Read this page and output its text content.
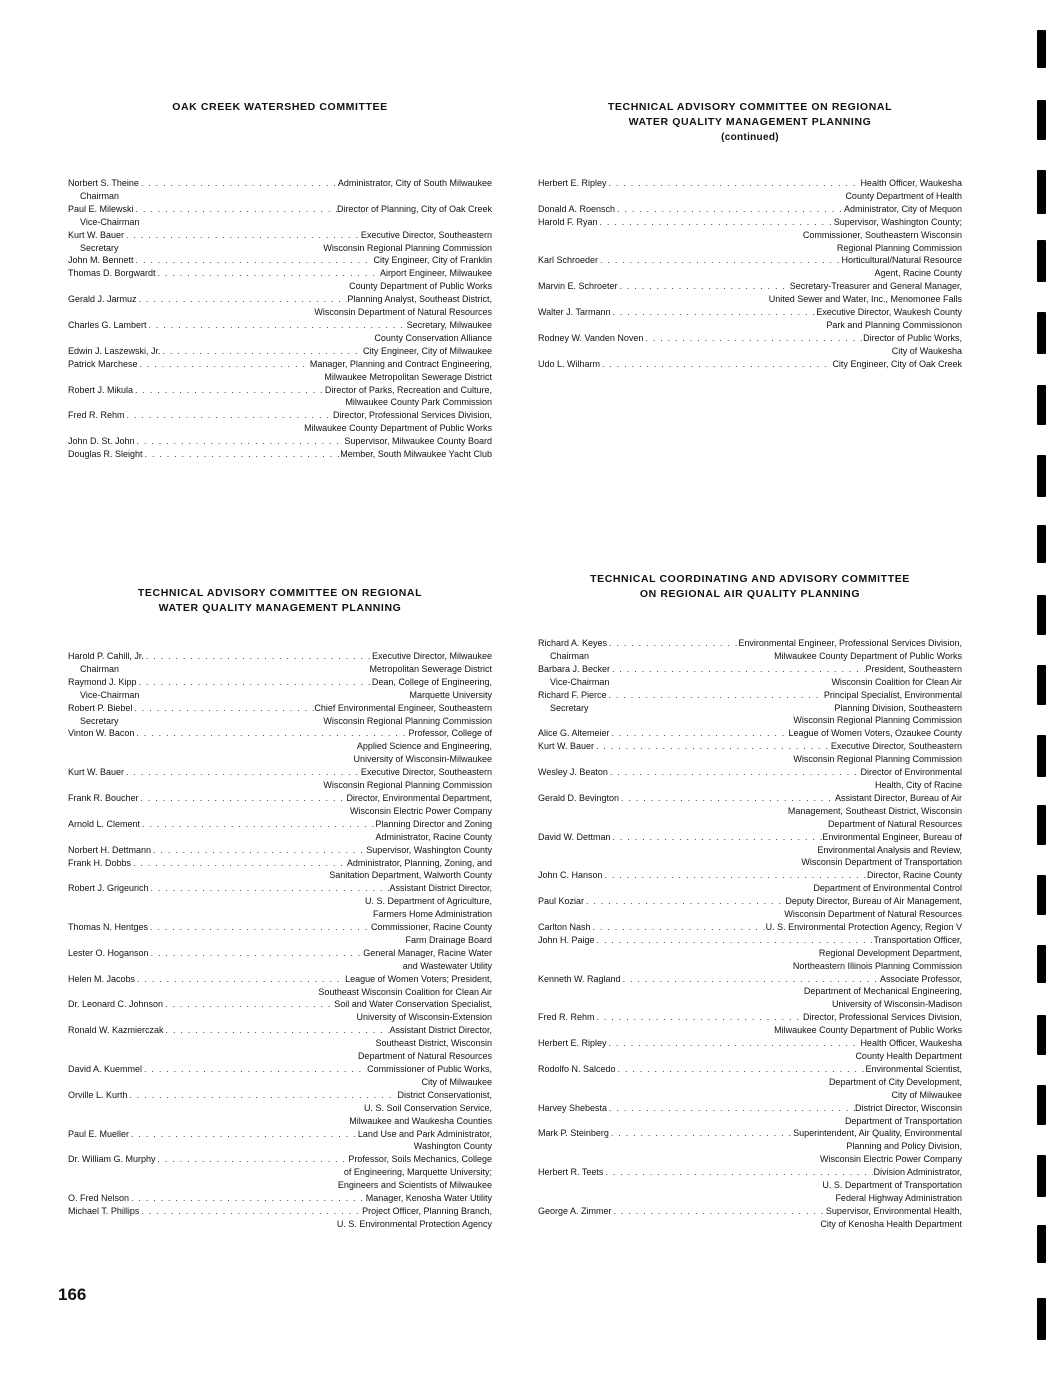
OAK CREEK WATERSHED COMMITTEE
Norbert S. Theine . . .	Administrator, City of South Milwaukee
Chairman
Paul E. Milewski . . .	Director of Planning, City of Oak Creek
Vice-Chairman
Kurt W. Bauer . . .	Executive Director, Southeastern
Secretary	Wisconsin Regional Planning Commission
John M. Bennett . . .	City Engineer, City of Franklin
Thomas D. Borgwardt . . .	Airport Engineer, Milwaukee
County Department of Public Works
Gerald J. Jarmuz . . .	Planning Analyst, Southeast District,
Wisconsin Department of Natural Resources
Charles G. Lambert . . .	Secretary, Milwaukee
County Conservation Alliance
Edwin J. Laszewski, Jr. . . .	City Engineer, City of Milwaukee
Patrick Marchese . . .	Manager, Planning and Contract Engineering,
Milwaukee Metropolitan Sewerage District
Robert J. Mikula . . .	Director of Parks, Recreation and Culture,
Milwaukee County Park Commission
Fred R. Rehm . . .	Director, Professional Services Division,
Milwaukee County Department of Public Works
John D. St. John . . .	Supervisor, Milwaukee County Board
Douglas R. Sleight . . .	Member, South Milwaukee Yacht Club
TECHNICAL ADVISORY COMMITTEE ON REGIONAL
WATER QUALITY MANAGEMENT PLANNING
(continued)
Herbert E. Ripley . . .	Health Officer, Waukesha
County Department of Health
Donald A. Roensch . . .	Administrator, City of Mequon
Harold F. Ryan . . .	Supervisor, Washington County;
Commissioner, Southeastern Wisconsin
Regional Planning Commission
Karl Schroeder . . .	Horticultural/Natural Resource
Agent, Racine County
Marvin E. Schroeter . . .	Secretary-Treasurer and General Manager,
United Sewer and Water, Inc., Menomonee Falls
Walter J. Tarmann . . .	Executive Director, Waukesh County
Park and Planning Commissionon
Rodney W. Vanden Noven . . .	Director of Public Works,
City of Waukesha
Udo L. Wilharm . . .	City Engineer, City of Oak Creek
TECHNICAL ADVISORY COMMITTEE ON REGIONAL
WATER QUALITY MANAGEMENT PLANNING
Harold P. Cahill, Jr. . . .	Executive Director, Milwaukee
Chairman	Metropolitan Sewerage District
Raymond J. Kipp . . .	Dean, College of Engineering,
Vice-Chairman	Marquette University
Robert P. Biebel . . .	Chief Environmental Engineer, Southeastern
Secretary	Wisconsin Regional Planning Commission
Vinton W. Bacon . . .	Professor, College of
Applied Science and Engineering,
University of Wisconsin-Milwaukee
Kurt W. Bauer . . .	Executive Director, Southeastern
Wisconsin Regional Planning Commission
Frank R. Boucher . . .	Director, Environmental Department,
Wisconsin Electric Power Company
Arnold L. Clement . . .	Planning Director and Zoning
Administrator, Racine County
Norbert H. Dettmann . . .	Supervisor, Washington County
Frank H. Dobbs . . .	Administrator, Planning, Zoning, and
Sanitation Department, Walworth County
Robert J. Grigeurich . . .	Assistant District Director,
U. S. Department of Agriculture,
Farmers Home Administration
Thomas N. Hentges . . .	Commissioner, Racine County
Farm Drainage Board
Lester O. Hoganson . . .	General Manager, Racine Water
and Wastewater Utility
Helen M. Jacobs . . .	League of Women Voters; President,
Southeast Wisconsin Coalition for Clean Air
Dr. Leonard C. Johnson . . .	Soil and Water Conservation Specialist,
University of Wisconsin-Extension
Ronald W. Kazmierczak . . .	Assistant District Director,
Southeast District, Wisconsin
Department of Natural Resources
David A. Kuemmel . . .	Commissioner of Public Works,
City of Milwaukee
Orville L. Kurth . . .	District Conservationist,
U. S. Soil Conservation Service,
Milwaukee and Waukesha Counties
Paul E. Mueller . . .	Land Use and Park Administrator,
Washington County
Dr. William G. Murphy . . .	Professor, Soils Mechanics, College
of Engineering, Marquette University;
Engineers and Scientists of Milwaukee
O. Fred Nelson . . .	Manager, Kenosha Water Utility
Michael T. Phillips . . .	Project Officer, Planning Branch,
U. S. Environmental Protection Agency
TECHNICAL COORDINATING AND ADVISORY COMMITTEE
ON REGIONAL AIR QUALITY PLANNING
Richard A. Keyes . . .	Environmental Engineer, Professional Services Division,
Chairman	Milwaukee County Department of Public Works
Barbara J. Becker . . .	President, Southeastern
Vice-Chairman	Wisconsin Coalition for Clean Air
Richard F. Pierce . . .	Principal Specialist, Environmental
Secretary	Planning Division, Southeastern
Wisconsin Regional Planning Commission
Alice G. Altemeier . . .	League of Women Voters, Ozaukee County
Kurt W. Bauer . . .	Executive Director, Southeastern
Wisconsin Regional Planning Commission
Wesley J. Beaton . . .	Director of Environmental
Health, City of Racine
Gerald D. Bevington . . .	Assistant Director, Bureau of Air
Management, Southeast District, Wisconsin
Department of Natural Resources
David W. Dettman . . .	Environmental Engineer, Bureau of
Environmental Analysis and Review,
Wisconsin Department of Transportation
John C. Hanson . . .	Director, Racine County
Department of Environmental Control
Paul Koziar . . .	Deputy Director, Bureau of Air Management,
Wisconsin Department of Natural Resources
Carlton Nash . . .	U. S. Environmental Protection Agency, Region V
John H. Paige . . .	Transportation Officer,
Regional Development Department,
Northeastern Illinois Planning Commission
Kenneth W. Ragland . . .	Associate Professor,
Department of Mechanical Engineering,
University of Wisconsin-Madison
Fred R. Rehm . . .	Director, Professional Services Division,
Milwaukee County Department of Public Works
Herbert E. Ripley . . .	Health Officer, Waukesha
County Health Department
Rodolfo N. Salcedo . . .	Environmental Scientist,
Department of City Development,
City of Milwaukee
Harvey Shebesta . . .	District Director, Wisconsin
Department of Transportation
Mark P. Steinberg . . .	Superintendent, Air Quality, Environmental
Planning and Policy Division,
Wisconsin Electric Power Company
Herbert R. Teets . . .	Division Administrator,
U. S. Department of Transportation
Federal Highway Administration
George A. Zimmer . . .	Supervisor, Environmental Health,
City of Kenosha Health Department
166
